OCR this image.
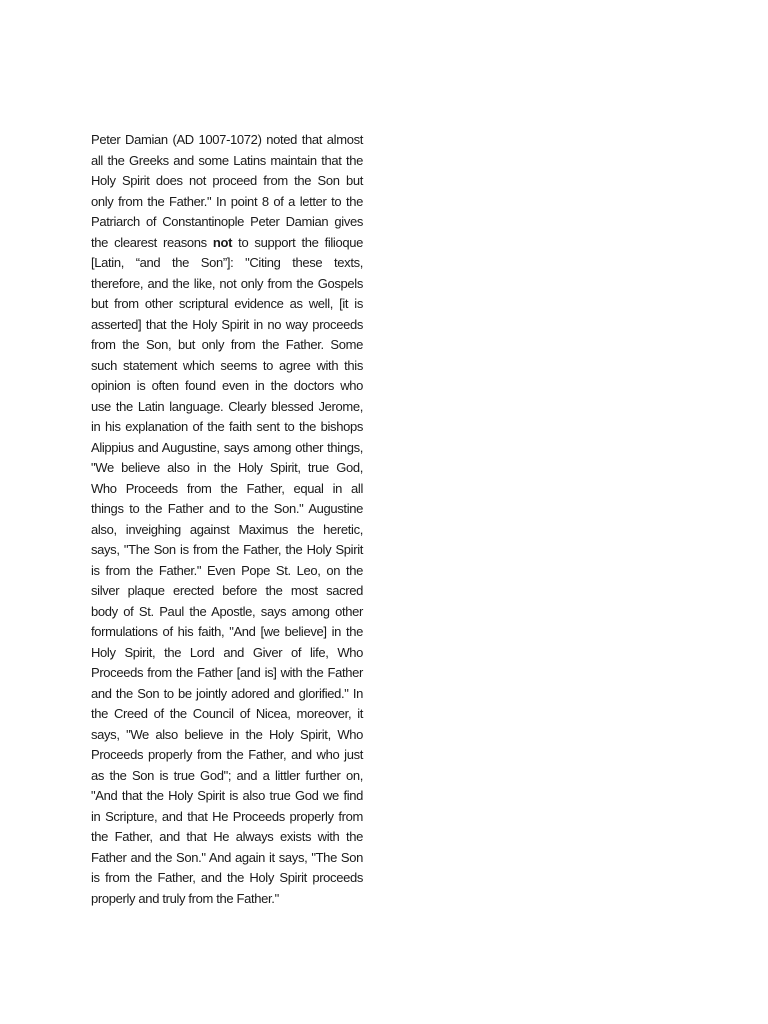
Peter Damian (AD 1007-1072) noted that almost
all the Greeks and some Latins maintain that the
Holy Spirit does not proceed from the Son but
only from the Father." In point 8 of a letter to the
Patriarch of Constantinople Peter Damian gives
the clearest reasons not to support the filioque
[Latin, “and the Son”]: "Citing these texts,
therefore, and the like, not only from the Gospels
but from other scriptural evidence as well, [it is
asserted] that the Holy Spirit in no way proceeds
from the Son, but only from the Father. Some
such statement which seems to agree with this
opinion is often found even in the doctors who
use the Latin language. Clearly blessed Jerome,
in his explanation of the faith sent to the bishops
Alippius and Augustine, says among other things,
"We believe also in the Holy Spirit, true God,
Who Proceeds from the Father, equal in all
things to the Father and to the Son." Augustine
also, inveighing against Maximus the heretic,
says, "The Son is from the Father, the Holy Spirit
is from the Father." Even Pope St. Leo, on the
silver plaque erected before the most sacred
body of St. Paul the Apostle, says among other
formulations of his faith, "And [we believe] in the
Holy Spirit, the Lord and Giver of life, Who
Proceeds from the Father [and is] with the Father
and the Son to be jointly adored and glorified." In
the Creed of the Council of Nicea, moreover, it
says, "We also believe in the Holy Spirit, Who
Proceeds properly from the Father, and who just
as the Son is true God"; and a littler further on,
"And that the Holy Spirit is also true God we find
in Scripture, and that He Proceeds properly from
the Father, and that He always exists with the
Father and the Son." And again it says, "The Son
is from the Father, and the Holy Spirit proceeds
properly and truly from the Father."
